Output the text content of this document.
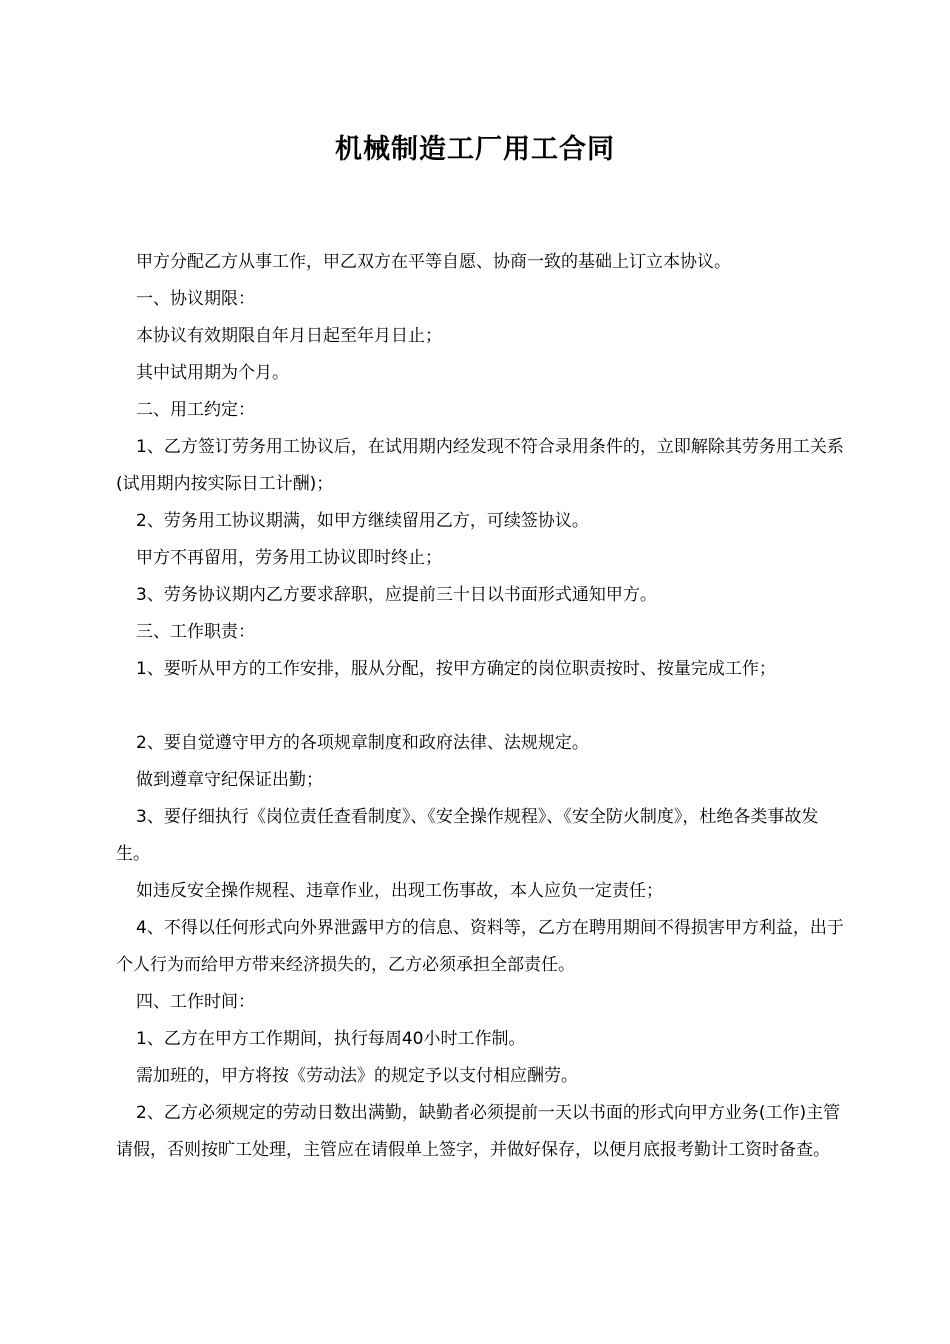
机械制造工厂用工合同

甲方分配乙方从事工作，甲乙双方在平等自愿、协商一致的基础上订立本协议。

一、协议期限：

本协议有效期限自年月日起至年月日止；

其中试用期为个月。

二、用工约定：

1、乙方签订劳务用工协议后，在试用期内经发现不符合录用条件的，立即解除其劳务用工关系(试用期内按实际日工计酬)；

2、劳务用工协议期满，如甲方继续留用乙方，可续签协议。

甲方不再留用，劳务用工协议即时终止；

3、劳务协议期内乙方要求辞职，应提前三十日以书面形式通知甲方。

三、工作职责：

1、要听从甲方的工作安排，服从分配，按甲方确定的岗位职责按时、按量完成工作；

2、要自觉遵守甲方的各项规章制度和政府法律、法规规定。

做到遵章守纪保证出勤；

3、要仔细执行《岗位责任查看制度》、《安全操作规程》、《安全防火制度》，杜绝各类事故发生。

如违反安全操作规程、违章作业，出现工伤事故，本人应负一定责任；

4、不得以任何形式向外界泄露甲方的信息、资料等，乙方在聘用期间不得损害甲方利益，出于个人行为而给甲方带来经济损失的，乙方必须承担全部责任。

四、工作时间：

1、乙方在甲方工作期间，执行每周40小时工作制。

需加班的，甲方将按《劳动法》的规定予以支付相应酬劳。

2、乙方必须规定的劳动日数出满勤，缺勤者必须提前一天以书面的形式向甲方业务(工作)主管请假，否则按旷工处理，主管应在请假单上签字，并做好保存，以便月底报考勤计工资时备查。
